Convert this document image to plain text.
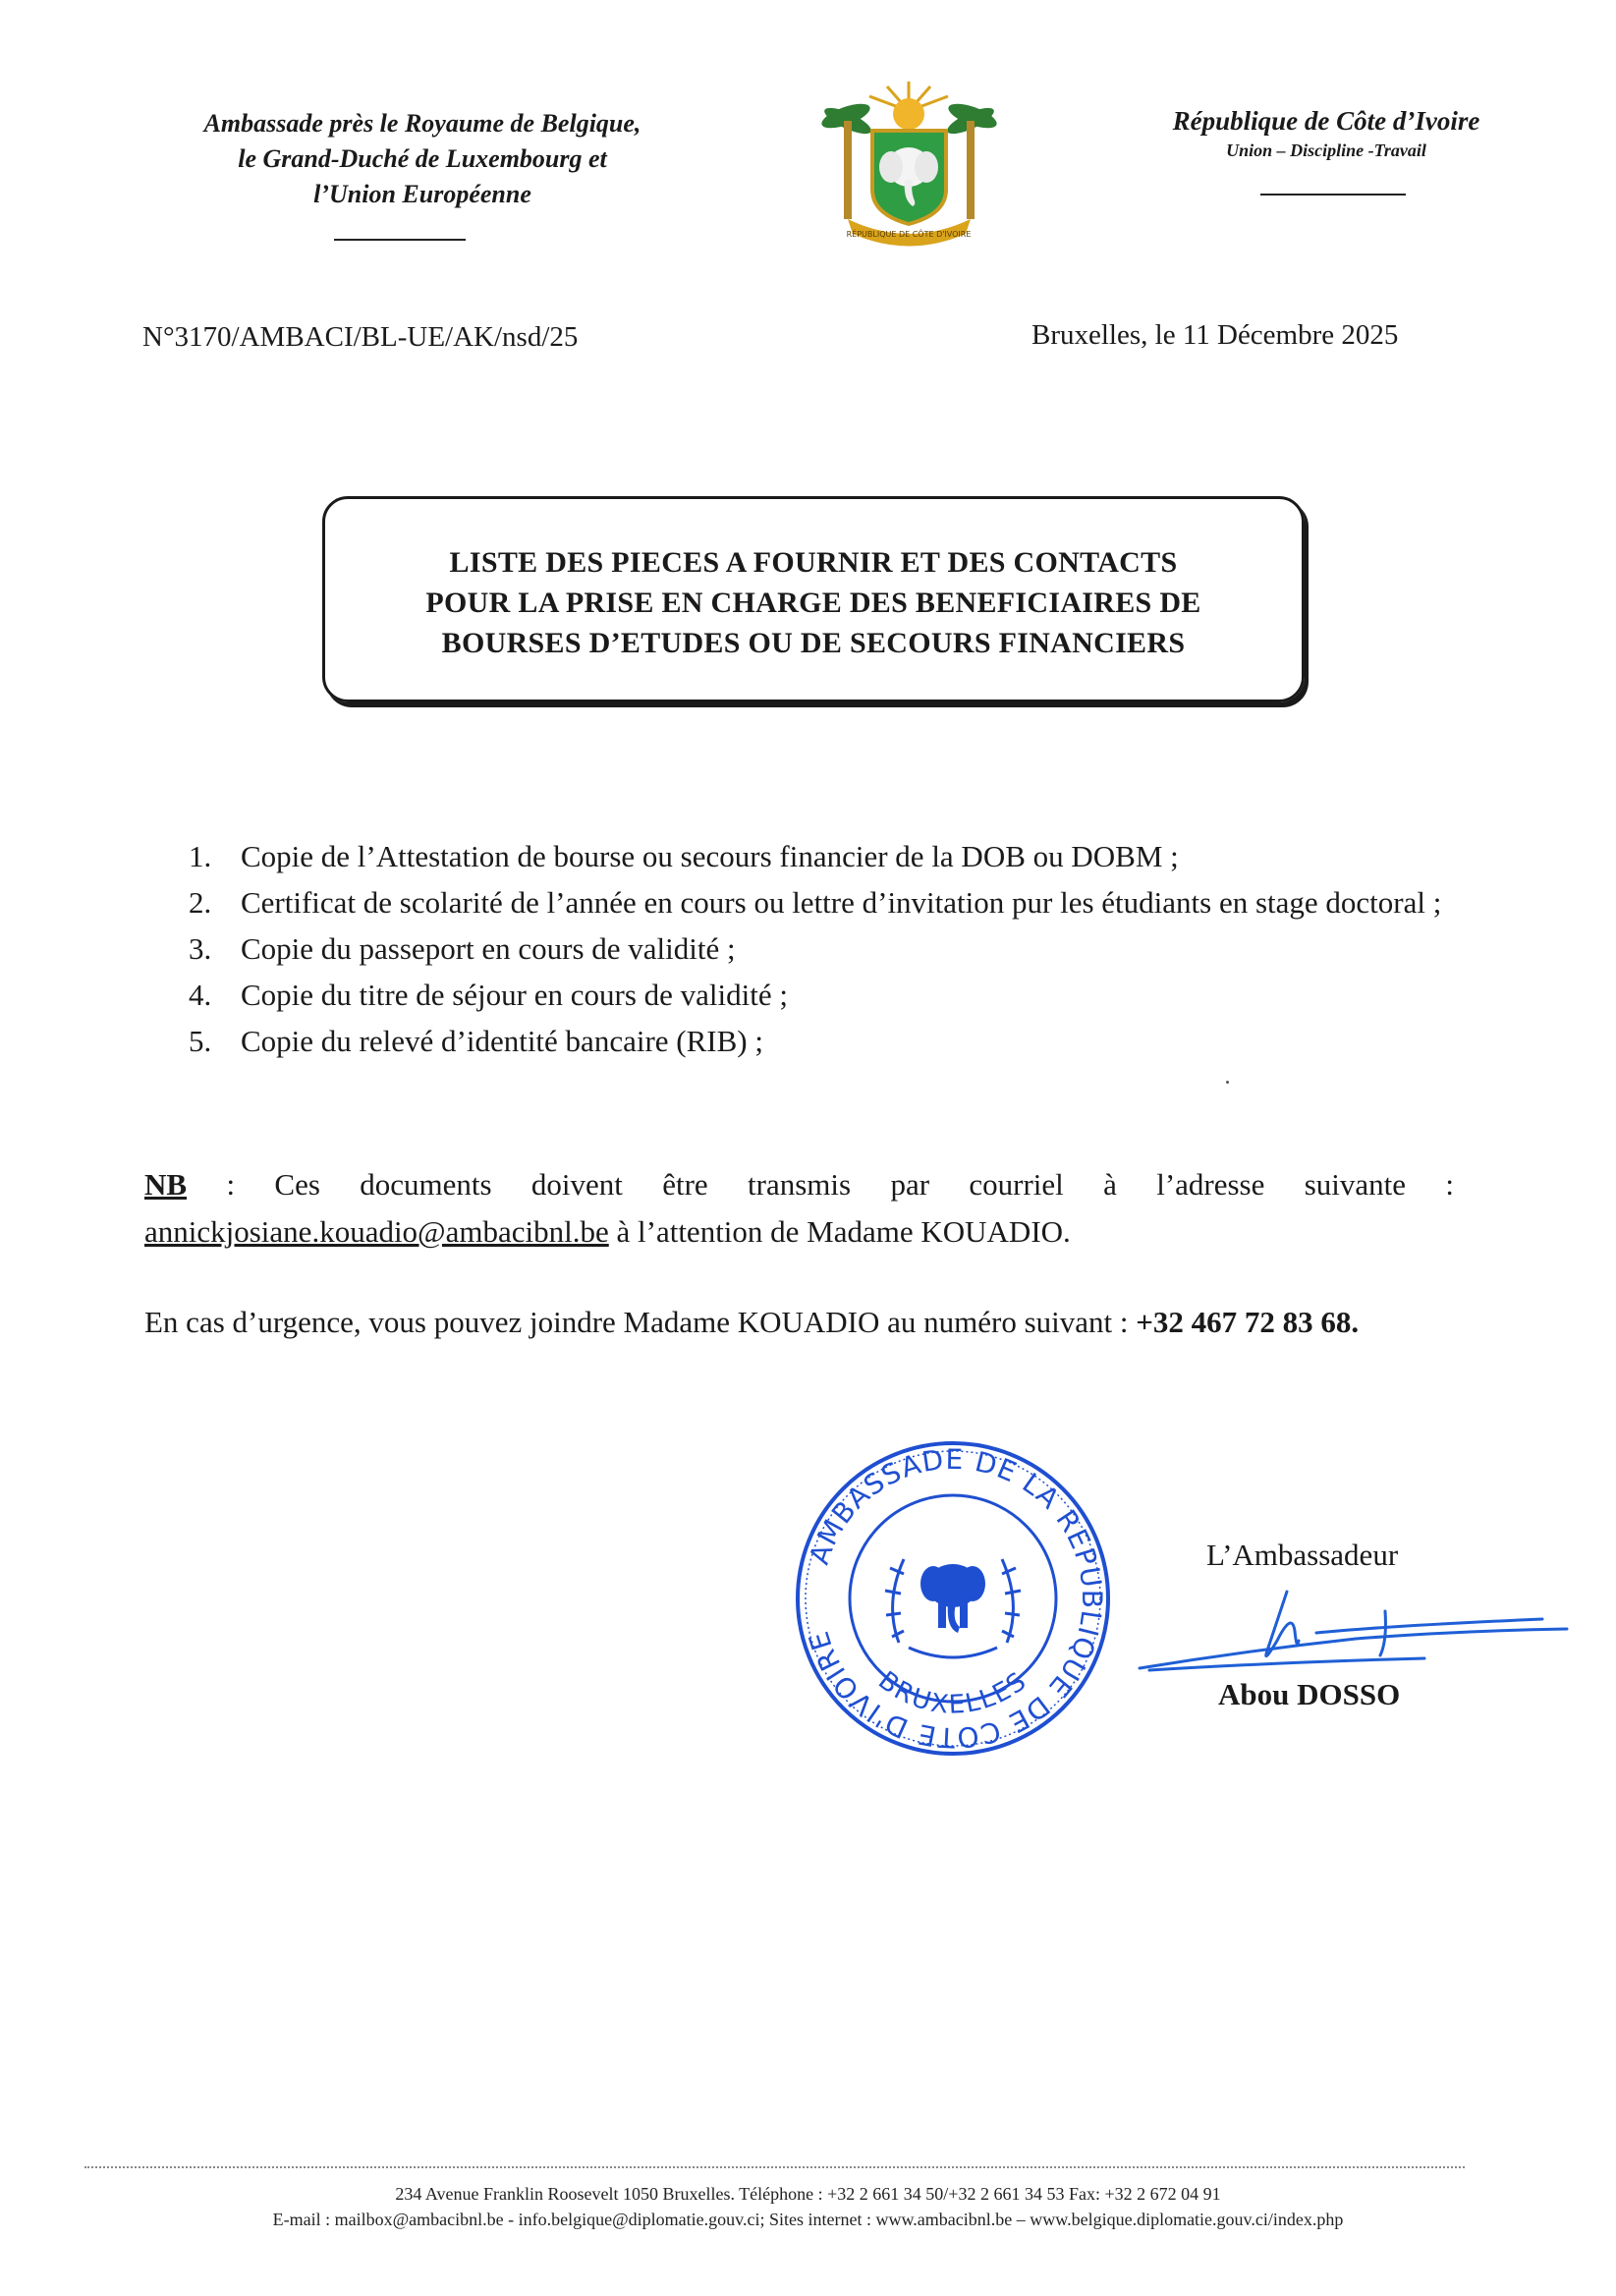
Ambassade près le Royaume de Belgique,
le Grand-Duché de Luxembourg et
l’Union Européenne
RÉPUBLIQUE DE CÔTE D'IVOIRE
République de Côte d’Ivoire
Union – Discipline -Travail
N°3170/AMBACI/BL-UE/AK/nsd/25	Bruxelles, le 11 Décembre 2025
LISTE DES PIECES A FOURNIR ET DES CONTACTS
POUR LA PRISE EN CHARGE DES BENEFICIAIRES DE
BOURSES D’ETUDES OU DE SECOURS FINANCIERS
1. Copie de l’Attestation de bourse ou secours financier de la DOB ou DOBM ;
2. Certificat de scolarité de l’année en cours ou lettre d’invitation pur les étudiants en stage doctoral ;
3. Copie du passeport en cours de validité ;
4. Copie du titre de séjour en cours de validité ;
5. Copie du relevé d’identité bancaire (RIB) ;
NB : Ces documents doivent être transmis par courriel à l’adresse suivante :
annickjosiane.kouadio@ambacibnl.be à l’attention de Madame KOUADIO.
En cas d’urgence, vous pouvez joindre Madame KOUADIO au numéro suivant : +32 467 72 83 68.
AMBASSADE DE LA REPUBLIQUE DE COTE D'IVOIRE
BRUXELLES
L’Ambassadeur
Abou DOSSO
234 Avenue Franklin Roosevelt 1050 Bruxelles. Téléphone : +32 2 661 34 50/+32 2 661 34 53 Fax: +32 2 672 04 91
E-mail : mailbox@ambacibnl.be - info.belgique@diplomatie.gouv.ci; Sites internet : www.ambacibnl.be – www.belgique.diplomatie.gouv.ci/index.php
